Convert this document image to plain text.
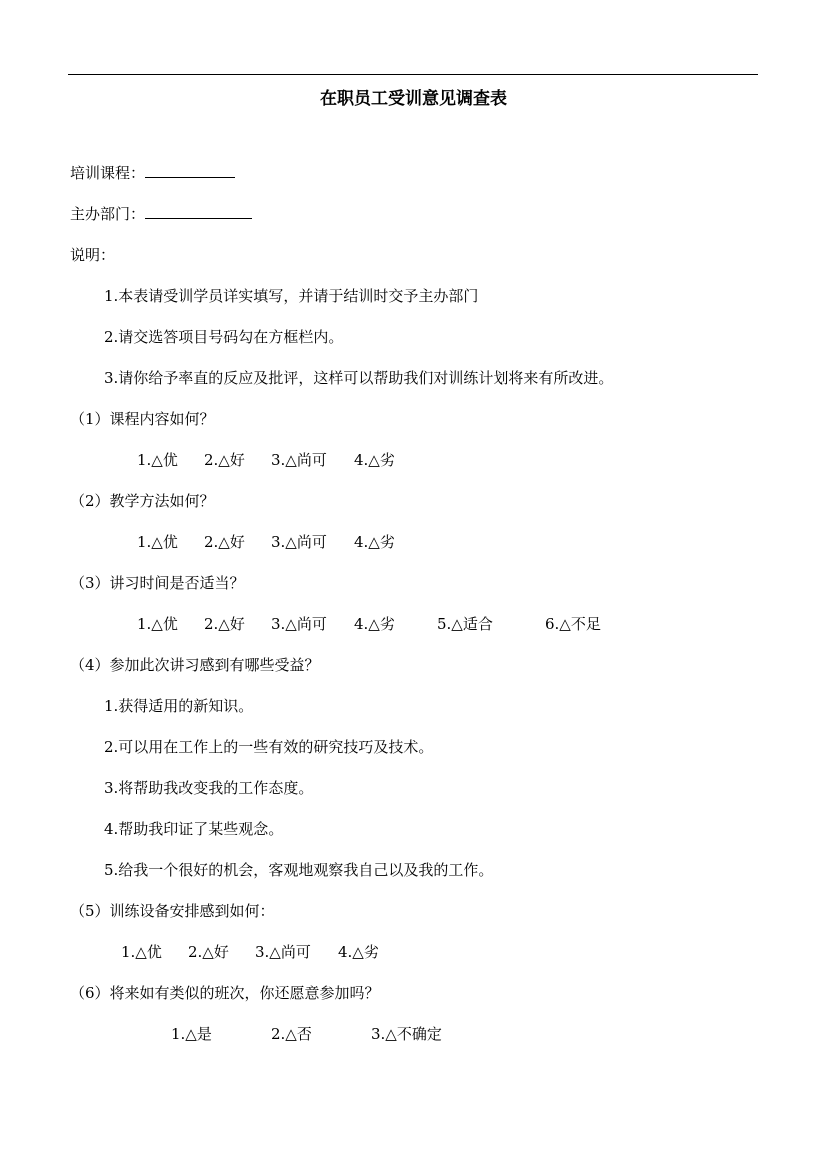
在职员工受训意见调查表
培训课程：
主办部门：
说明：
1.本表请受训学员详实填写，并请于结训时交予主办部门
2.请交选答项目号码勾在方框栏内。
3.请你给予率直的反应及批评，这样可以帮助我们对训练计划将来有所改进。
（1）课程内容如何？
1.△优 2.△好 3.△尚可 4.△劣
（2）教学方法如何？
1.△优 2.△好 3.△尚可 4.△劣
（3）讲习时间是否适当？
1.△优 2.△好 3.△尚可 4.△劣	5.△适合	6.△不足
（4）参加此次讲习感到有哪些受益？
1.获得适用的新知识。
2.可以用在工作上的一些有效的研究技巧及技术。
3.将帮助我改变我的工作态度。
4.帮助我印证了某些观念。
5.给我一个很好的机会，客观地观察我自己以及我的工作。
（5）训练设备安排感到如何：
1.△优 2.△好 3.△尚可 4.△劣
（6）将来如有类似的班次，你还愿意参加吗？
1.△是	2.△否	3.△不确定
